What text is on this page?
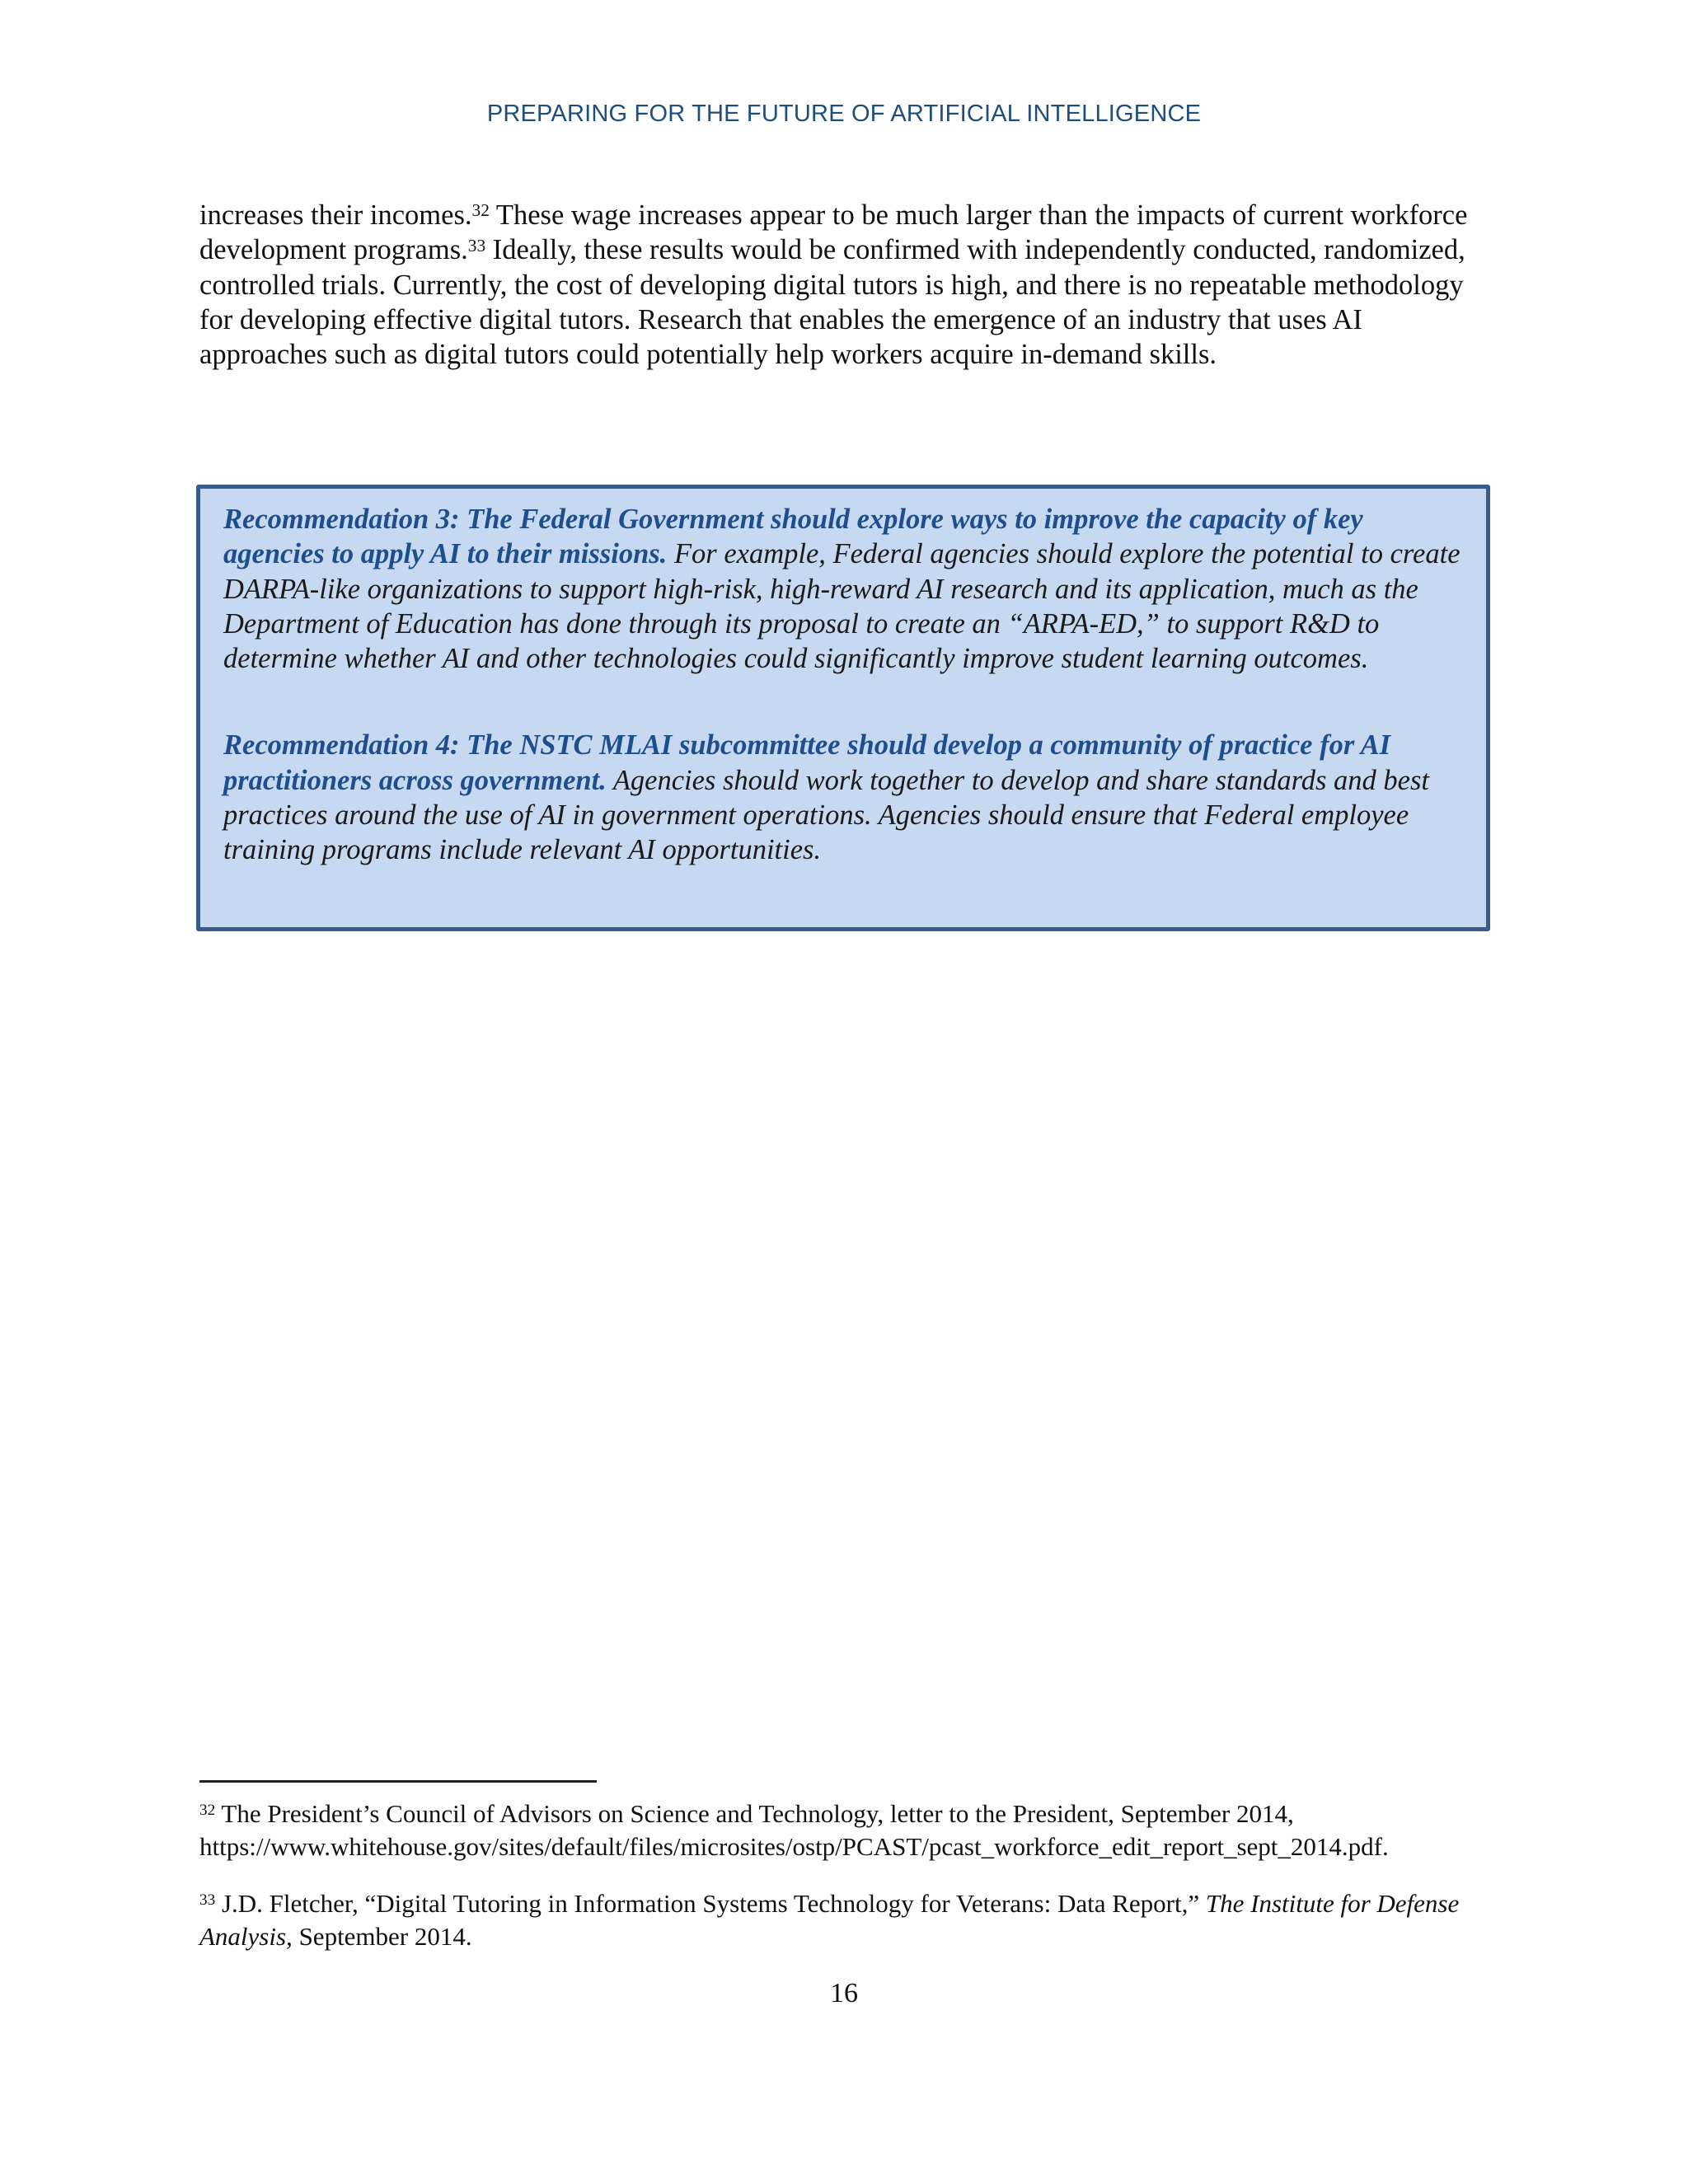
PREPARING FOR THE FUTURE OF ARTIFICIAL INTELLIGENCE

increases their incomes.$^{32}$ These wage increases appear to be much larger than the impacts of current workforce development programs.$^{33}$ Ideally, these results would be confirmed with independently conducted, randomized, controlled trials. Currently, the cost of developing digital tutors is high, and there is no repeatable methodology for developing effective digital tutors. Research that enables the emergence of an industry that uses AI approaches such as digital tutors could potentially help workers acquire in-demand skills.

Recommendation 3: The Federal Government should explore ways to improve the capacity of key agencies to apply AI to their missions. For example, Federal agencies should explore the potential to create DARPA-like organizations to support high-risk, high-reward AI research and its application, much as the Department of Education has done through its proposal to create an “ARPA-ED,” to support R&D to determine whether AI and other technologies could significantly improve student learning outcomes.

Recommendation 4: The NSTC MLAI subcommittee should develop a community of practice for AI practitioners across government. Agencies should work together to develop and share standards and best practices around the use of AI in government operations. Agencies should ensure that Federal employee training programs include relevant AI opportunities.

$^{32}$ The President’s Council of Advisors on Science and Technology, letter to the President, September 2014, https://www.whitehouse.gov/sites/default/files/microsites/ostp/PCAST/pcast_workforce_edit_report_sept_2014.pdf.

$^{33}$ J.D. Fletcher, “Digital Tutoring in Information Systems Technology for Veterans: Data Report,” The Institute for Defense Analysis, September 2014.

16
